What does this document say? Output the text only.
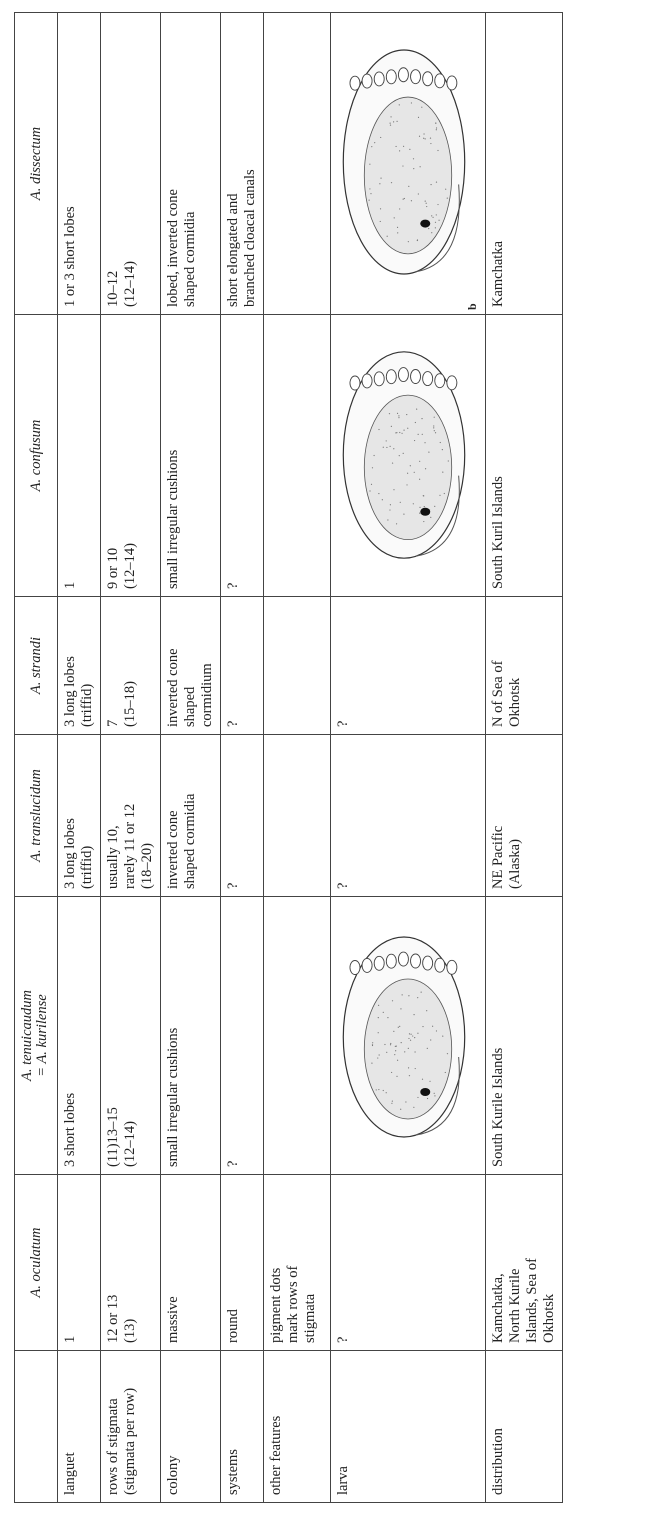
	A. oculatum	A. tenuicaudum = A. kurilense	A. translucidum	A. strandi	A. confusum	A. dissectum

languet	1	3 short lobes	3 long lobes (triffid)	3 long lobes (triffid)	1	1 or 3 short lobes

rows of stigmata (stigmata per row)	12 or 13 (13)	(11)13–15 (12–14)	usually 10, rarely 11 or 12 (18–20)	7 (15–18)	9 or 10 (12–14)	10–12 (12–14)

colony	massive	small irregular cushions	inverted cone shaped cormidia	inverted cone shaped cormidium	small irregular cushions	lobed, inverted cone shaped cormidia

systems	round	?	?	?	?	short elongated and branched cloacal canals

other features	pigment dots mark rows of stigmata					

larva	?		?	?		b

distribution	Kamchatka, North Kurile Islands, Sea of Okhotsk	South Kurile Islands	NE Pacific (Alaska)	N of Sea of Okhotsk	South Kuril Islands	Kamchatka
